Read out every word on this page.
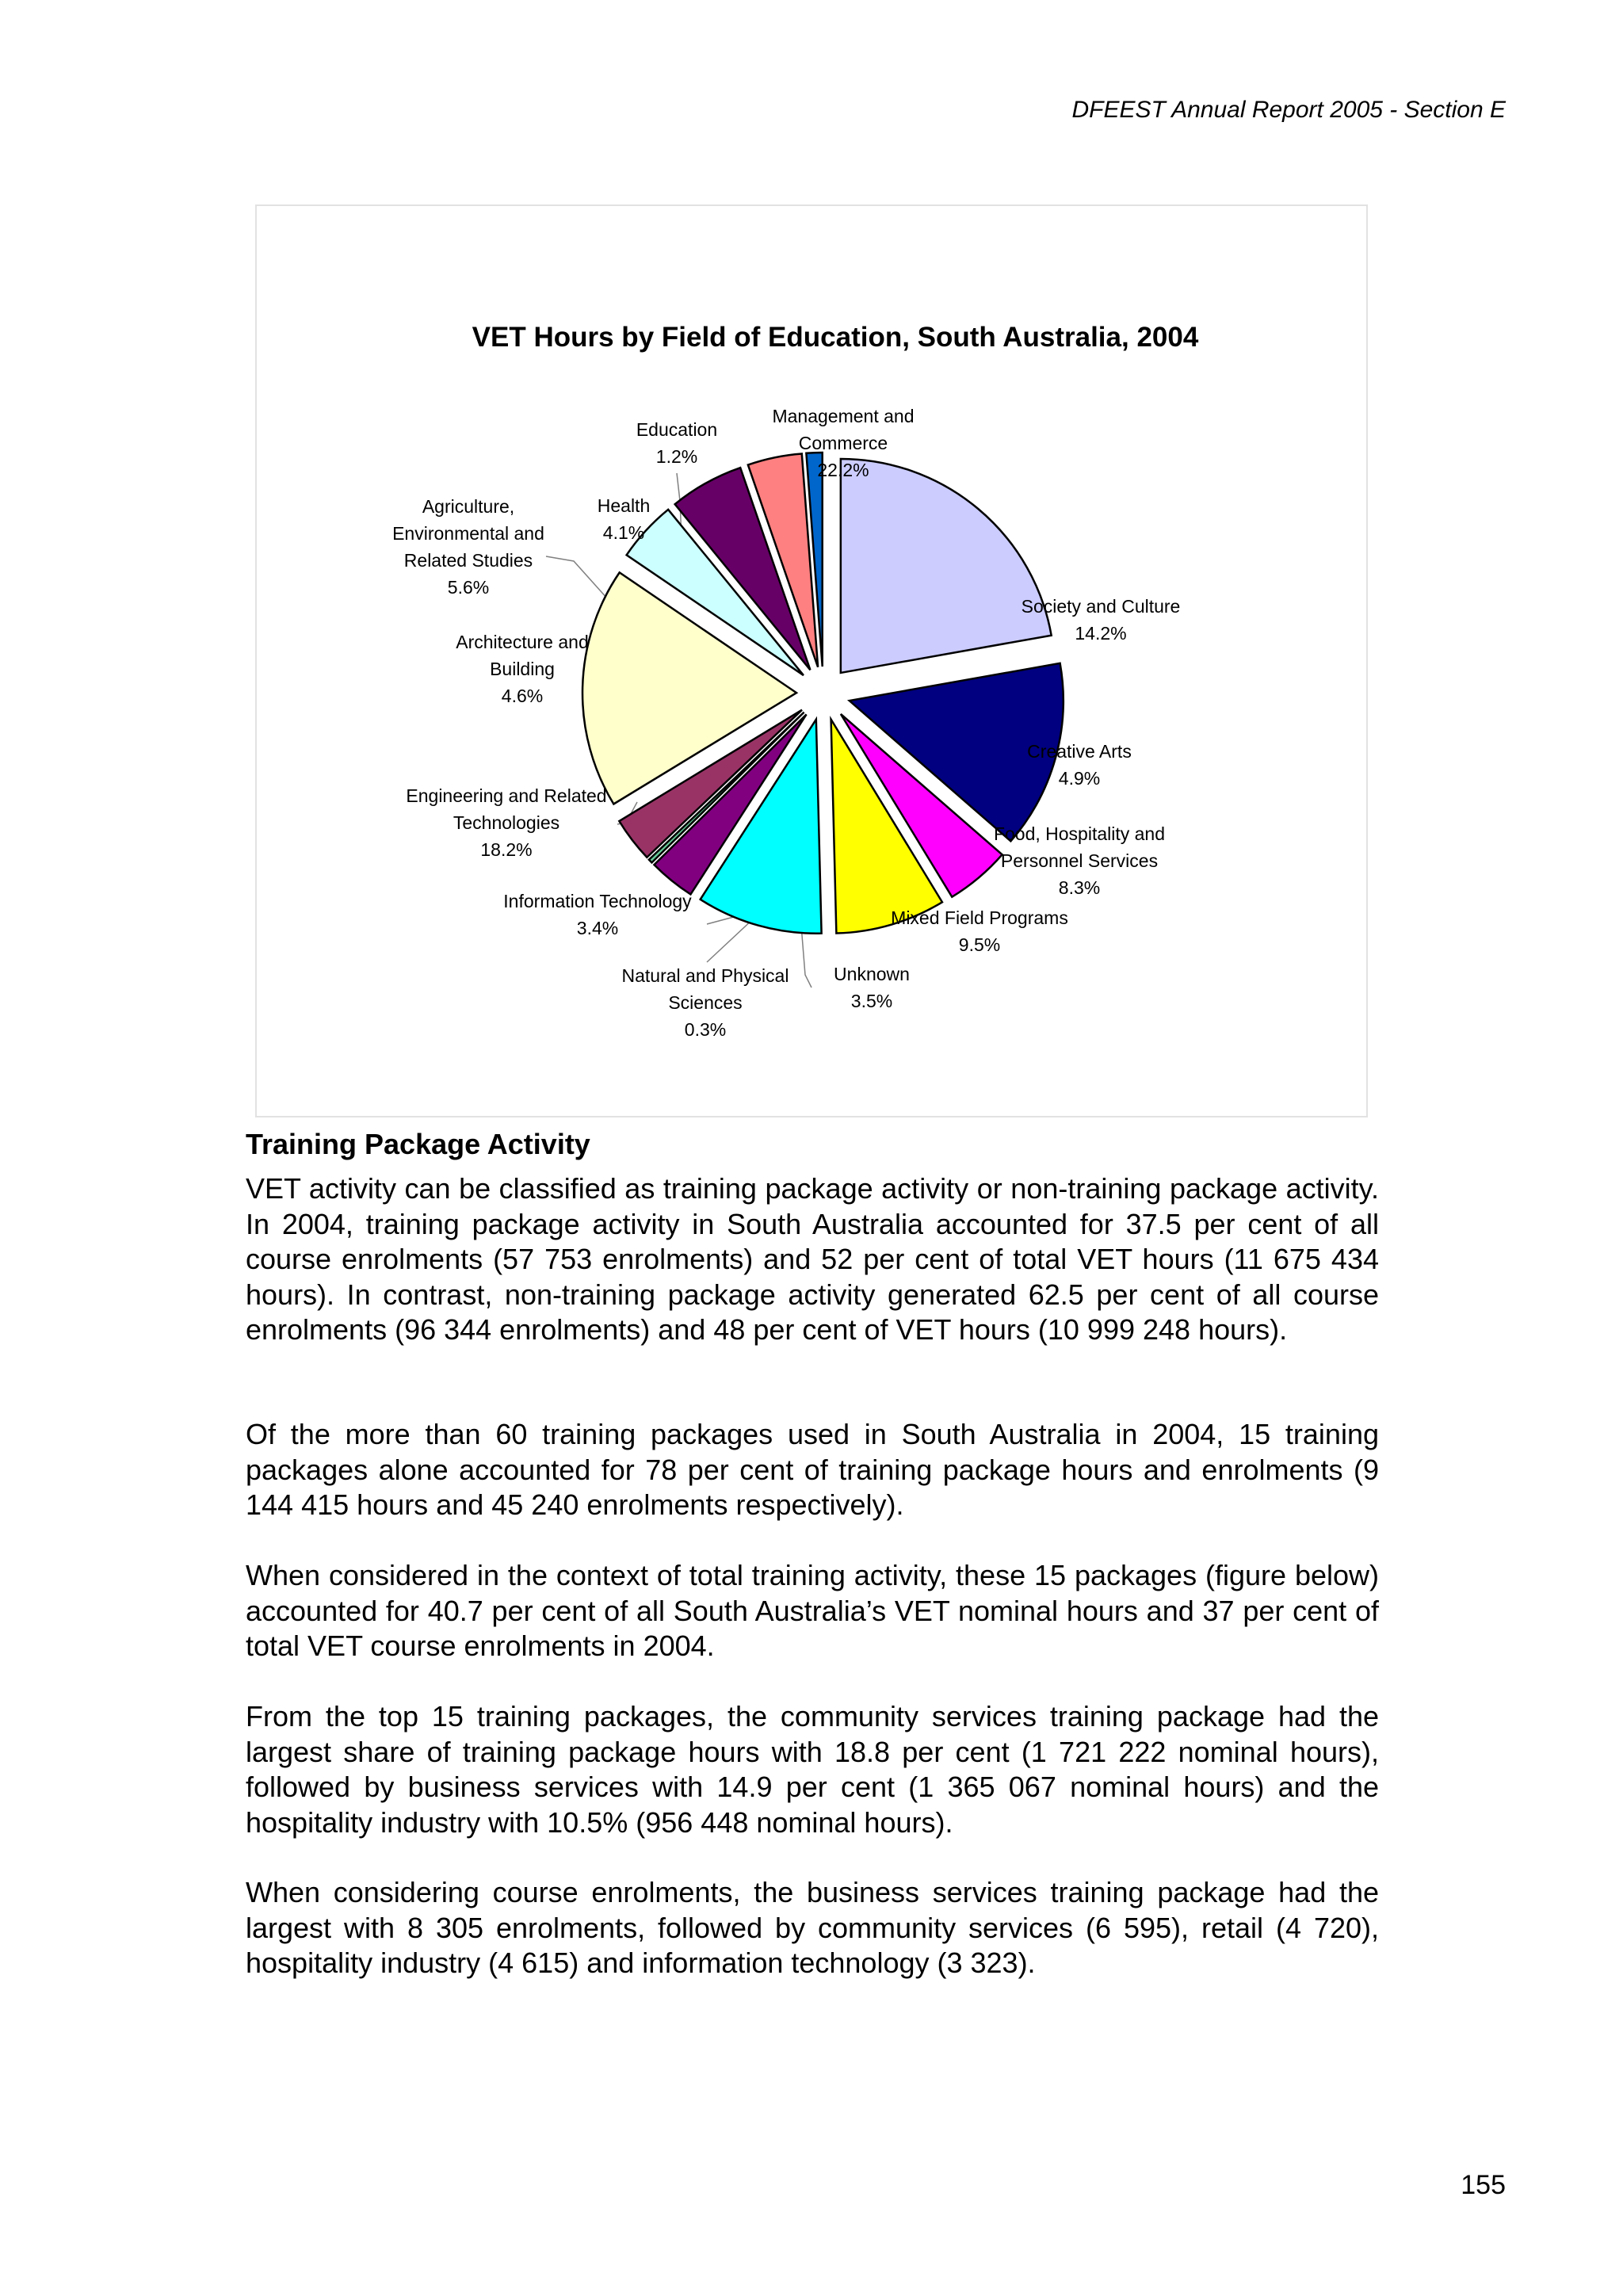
DFEEST Annual Report 2005 - Section E
VET Hours by Field of Education, South Australia, 2004
Management and Commerce 22.2%
Society and Culture 14.2%
Creative Arts 4.9%
Food, Hospitality and Personnel Services 8.3%
Mixed Field Programs 9.5%
Unknown 3.5%
Natural and Physical Sciences 0.3%
Information Technology 3.4%
Engineering and Related Technologies 18.2%
Architecture and Building 4.6%
Agriculture, Environmental and Related Studies 5.6%
Health 4.1%
Education 1.2%
Training Package Activity

VET activity can be classified as training package activity or non-training package activity. In 2004, training package activity in South Australia accounted for 37.5 per cent of all course enrolments (57 753 enrolments) and 52 per cent of total VET hours (11 675 434 hours). In contrast, non-training package activity generated 62.5 per cent of all course enrolments (96 344 enrolments) and 48 per cent of VET hours (10 999 248 hours).

Of the more than 60 training packages used in South Australia in 2004, 15 training packages alone accounted for 78 per cent of training package hours and enrolments (9 144 415 hours and 45 240 enrolments respectively).

When considered in the context of total training activity, these 15 packages (figure below) accounted for 40.7 per cent of all South Australia’s VET nominal hours and 37 per cent of total VET course enrolments in 2004.

From the top 15 training packages, the community services training package had the largest share of training package hours with 18.8 per cent (1 721 222 nominal hours), followed by business services with 14.9 per cent (1 365 067 nominal hours) and the hospitality industry with 10.5% (956 448 nominal hours).

When considering course enrolments, the business services training package had the largest with 8 305 enrolments, followed by community services (6 595), retail (4 720), hospitality industry (4 615) and information technology (3 323).

155
